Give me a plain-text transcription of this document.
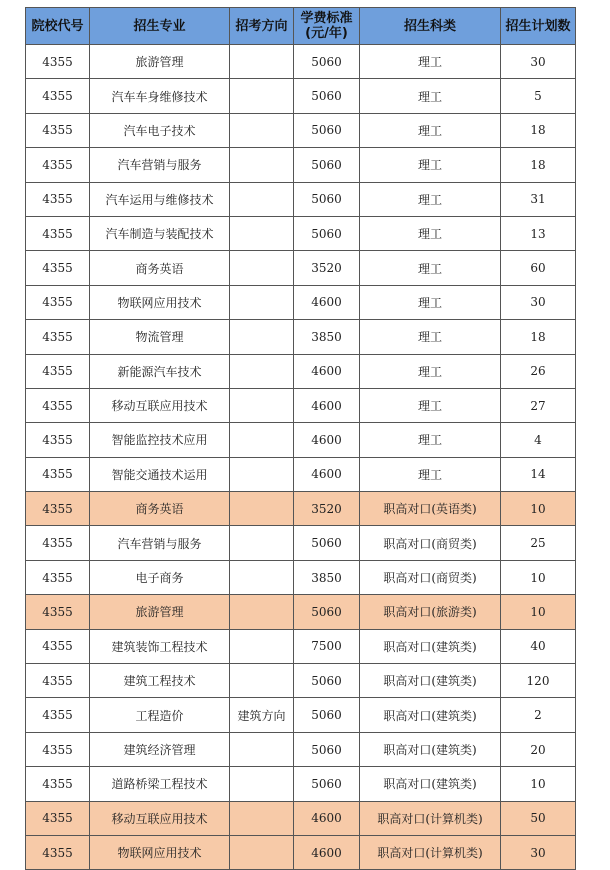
院校代号	招生专业	招考方向	学费标准(元/年)	招生科类	招生计划数
4355	旅游管理		5060	理工	30
4355	汽车车身维修技术		5060	理工	5
4355	汽车电子技术		5060	理工	18
4355	汽车营销与服务		5060	理工	18
4355	汽车运用与维修技术		5060	理工	31
4355	汽车制造与装配技术		5060	理工	13
4355	商务英语		3520	理工	60
4355	物联网应用技术		4600	理工	30
4355	物流管理		3850	理工	18
4355	新能源汽车技术		4600	理工	26
4355	移动互联应用技术		4600	理工	27
4355	智能监控技术应用		4600	理工	4
4355	智能交通技术运用		4600	理工	14
4355	商务英语		3520	职高对口(英语类)	10
4355	汽车营销与服务		5060	职高对口(商贸类)	25
4355	电子商务		3850	职高对口(商贸类)	10
4355	旅游管理		5060	职高对口(旅游类)	10
4355	建筑装饰工程技术		7500	职高对口(建筑类)	40
4355	建筑工程技术		5060	职高对口(建筑类)	120
4355	工程造价	建筑方向	5060	职高对口(建筑类)	2
4355	建筑经济管理		5060	职高对口(建筑类)	20
4355	道路桥梁工程技术		5060	职高对口(建筑类)	10
4355	移动互联应用技术		4600	职高对口(计算机类)	50
4355	物联网应用技术		4600	职高对口(计算机类)	30
